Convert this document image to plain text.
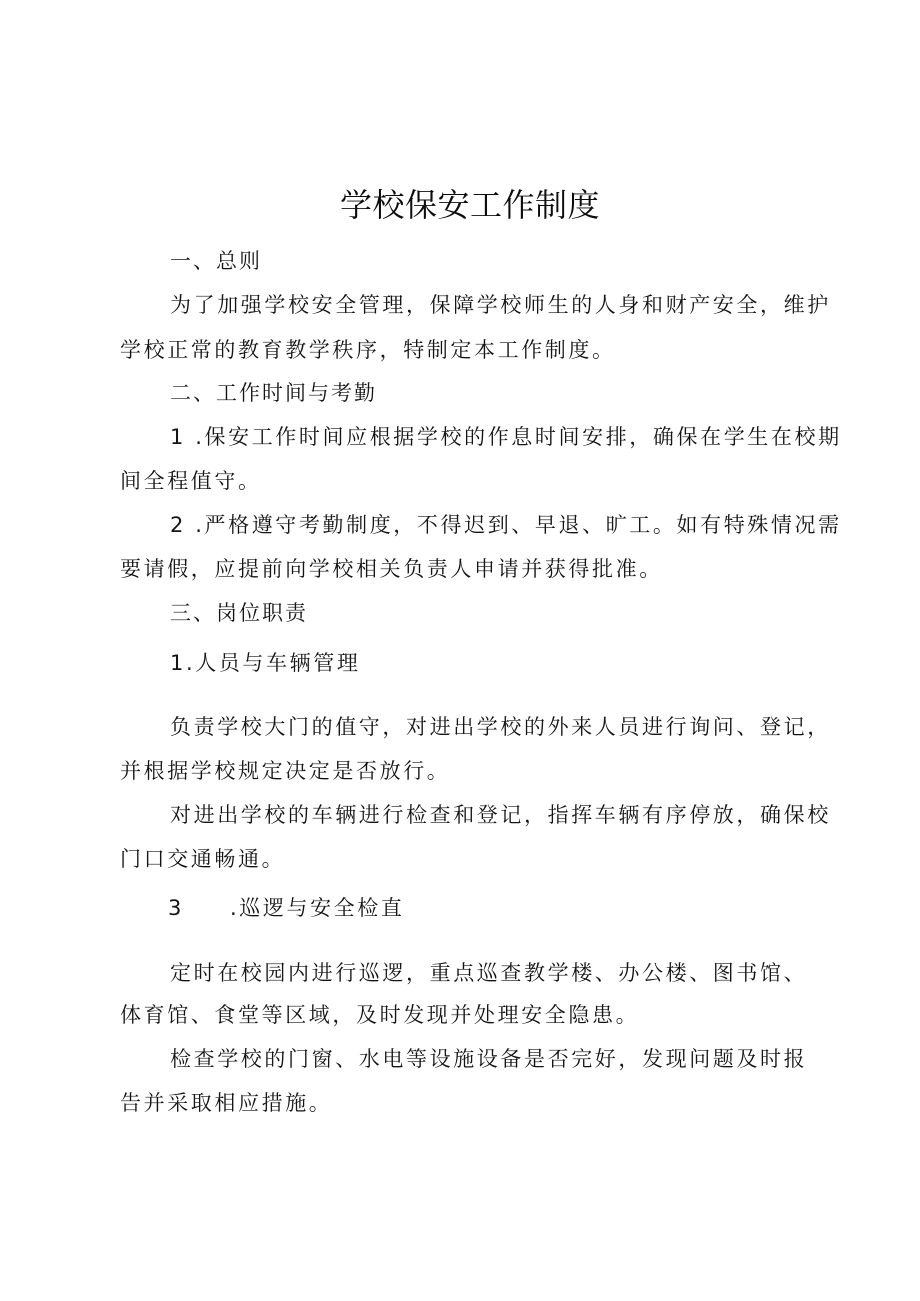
学校保安工作制度
一、总则
为了加强学校安全管理，保障学校师生的人身和财产安全，维护
学校正常的教育教学秩序，特制定本工作制度。
二、工作时间与考勤
1 .保安工作时间应根据学校的作息时间安排，确保在学生在校期
间全程值守。
2 .严格遵守考勤制度，不得迟到、早退、旷工。如有特殊情况需
要请假，应提前向学校相关负责人申请并获得批准。
三、岗位职责
1.人员与车辆管理
负责学校大门的值守，对进出学校的外来人员进行询问、登记，
并根据学校规定决定是否放行。
对进出学校的车辆进行检查和登记，指挥车辆有序停放，确保校
门口交通畅通。
3 .巡逻与安全检直
定时在校园内进行巡逻，重点巡查教学楼、办公楼、图书馆、
体育馆、食堂等区域，及时发现并处理安全隐患。
检查学校的门窗、水电等设施设备是否完好，发现问题及时报
告并采取相应措施。
